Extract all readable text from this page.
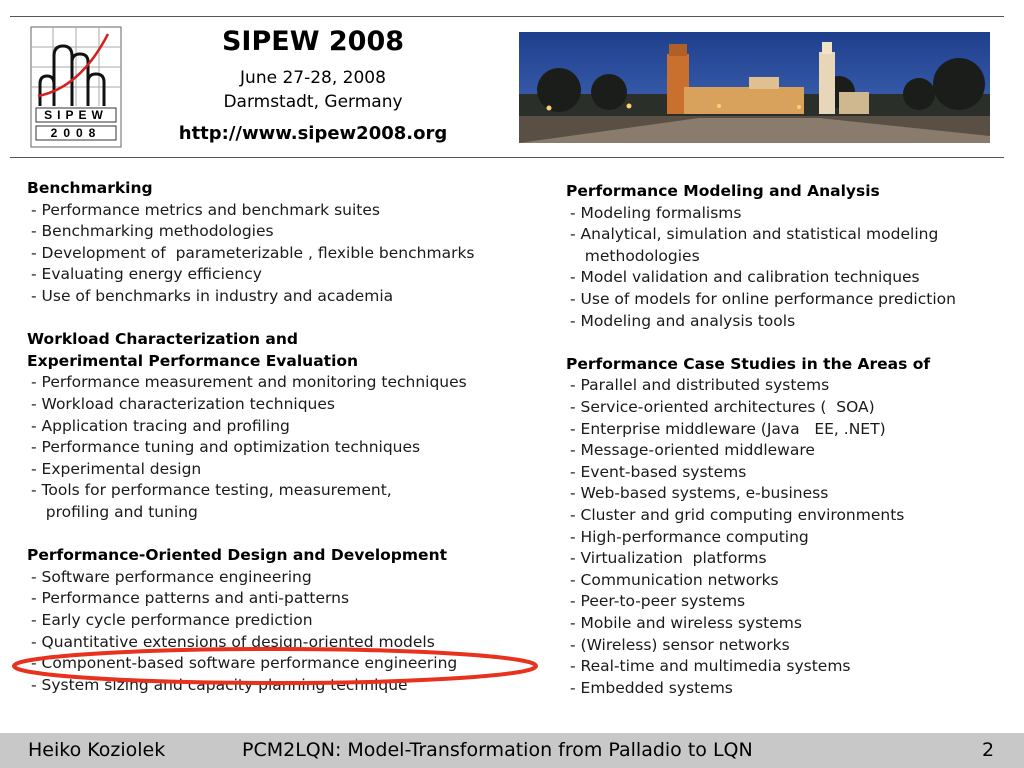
SIPEW
2008
SIPEW 2008
June 27-28, 2008
Darmstadt, Germany
http://www.sipew2008.org
Benchmarking
- Performance metrics and benchmark suites
- Benchmarking methodologies
- Development of  parameterizable , flexible benchmarks
- Evaluating energy efficiency
- Use of benchmarks in industry and academia
Workload Characterization and
Experimental Performance Evaluation
- Performance measurement and monitoring techniques
- Workload characterization techniques
- Application tracing and profiling
- Performance tuning and optimization techniques
- Experimental design
- Tools for performance testing, measurement,
profiling and tuning
Performance-Oriented Design and Development
- Software performance engineering
- Performance patterns and anti-patterns
- Early cycle performance prediction
- Quantitative extensions of design-oriented models
- Component-based software performance engineering
- System sizing and capacity planning technique
Performance Modeling and Analysis
- Modeling formalisms
- Analytical, simulation and statistical modeling
methodologies
- Model validation and calibration techniques
- Use of models for online performance prediction
- Modeling and analysis tools
Performance Case Studies in the Areas of
- Parallel and distributed systems
- Service-oriented architectures (  SOA)
- Enterprise middleware (Java   EE, .NET)
- Message-oriented middleware
- Event-based systems
- Web-based systems, e-business
- Cluster and grid computing environments
- High-performance computing
- Virtualization  platforms
- Communication networks
- Peer-to-peer systems
- Mobile and wireless systems
- (Wireless) sensor networks
- Real-time and multimedia systems
- Embedded systems
Heiko Koziolek	PCM2LQN: Model-Transformation from Palladio to LQN	2
